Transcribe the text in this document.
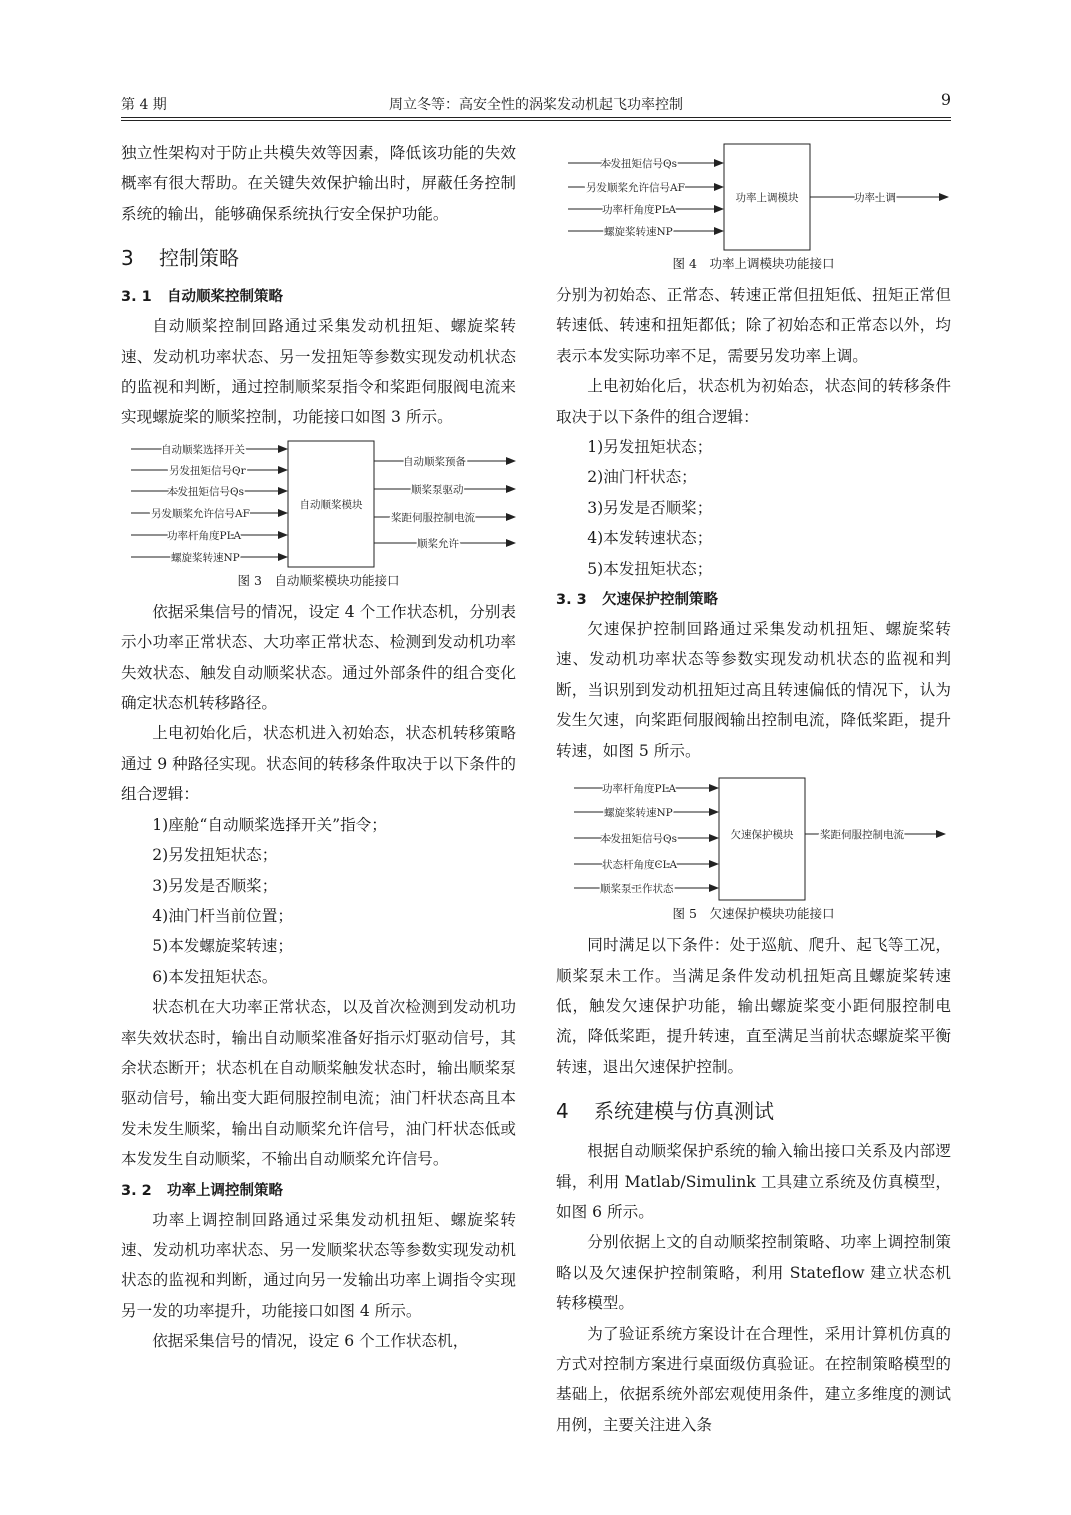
第 4 期	周立冬等：高安全性的涡桨发动机起飞功率控制	9

独立性架构对于防止共模失效等因素，降低该功能的失效概率有很大帮助。在关键失效保护输出时，屏蔽任务控制系统的输出，能够确保系统执行安全保护功能。

3 控制策略
3. 1 自动顺桨控制策略

自动顺桨控制回路通过采集发动机扭矩、螺旋桨转速、发动机功率状态、另一发扭矩等参数实现发动机状态的监视和判断，通过控制顺桨泵指令和桨距伺服阀电流来实现螺旋桨的顺桨控制，功能接口如图 3 所示。

自动顺桨模块
自动顺桨选择开关
另发扭矩信号Qr
本发扭矩信号Qs
另发顺桨允许信号AF
功率杆角度PLA
螺旋桨转速NP
自动顺桨预备
顺桨泵驱动
桨距伺服控制电流
顺桨允许
图 3　自动顺桨模块功能接口

依据采集信号的情况，设定 4 个工作状态机，分别表示小功率正常状态、大功率正常状态、检测到发动机功率失效状态、触发自动顺桨状态。通过外部条件的组合变化确定状态机转移路径。

上电初始化后，状态机进入初始态，状态机转移策略通过 9 种路径实现。状态间的转移条件取决于以下条件的组合逻辑：

1)座舱“自动顺桨选择开关”指令；

2)另发扭矩状态；

3)另发是否顺桨；

4)油门杆当前位置；

5)本发螺旋桨转速；

6)本发扭矩状态。

状态机在大功率正常状态，以及首次检测到发动机功率失效状态时，输出自动顺桨准备好指示灯驱动信号，其余状态断开；状态机在自动顺桨触发状态时，输出顺桨泵驱动信号，输出变大距伺服控制电流；油门杆状态高且本发未发生顺桨，输出自动顺桨允许信号，油门杆状态低或本发发生自动顺桨，不输出自动顺桨允许信号。

3. 2 功率上调控制策略

功率上调控制回路通过采集发动机扭矩、螺旋桨转速、发动机功率状态、另一发顺桨状态等参数实现发动机状态的监视和判断，通过向另一发输出功率上调指令实现另一发的功率提升，功能接口如图 4 所示。

依据采集信号的情况，设定 6 个工作状态机，

功率上调模块
本发扭矩信号Qs
另发顺桨允许信号AF
功率杆角度PLA
螺旋桨转速NP
功率上调
图 4　功率上调模块功能接口

分别为初始态、正常态、转速正常但扭矩低、扭矩正常但转速低、转速和扭矩都低；除了初始态和正常态以外，均表示本发实际功率不足，需要另发功率上调。

上电初始化后，状态机为初始态，状态间的转移条件取决于以下条件的组合逻辑：

1)另发扭矩状态；

2)油门杆状态；

3)另发是否顺桨；

4)本发转速状态；

5)本发扭矩状态；

3. 3 欠速保护控制策略

欠速保护控制回路通过采集发动机扭矩、螺旋桨转速、发动机功率状态等参数实现发动机状态的监视和判断，当识别到发动机扭矩过高且转速偏低的情况下，认为发生欠速，向桨距伺服阀输出控制电流，降低桨距，提升转速，如图 5 所示。

欠速保护模块
功率杆角度PLA
螺旋桨转速NP
本发扭矩信号Qs
状态杆角度CLA
顺桨泵工作状态
桨距伺服控制电流
图 5　欠速保护模块功能接口

同时满足以下条件：处于巡航、爬升、起飞等工况，顺桨泵未工作。当满足条件发动机扭矩高且螺旋桨转速低，触发欠速保护功能，输出螺旋桨变小距伺服控制电流，降低桨距，提升转速，直至满足当前状态螺旋桨平衡转速，退出欠速保护控制。

4 系统建模与仿真测试

根据自动顺桨保护系统的输入输出接口关系及内部逻辑，利用 Matlab/Simulink 工具建立系统及仿真模型，如图 6 所示。

分别依据上文的自动顺桨控制策略、功率上调控制策略以及欠速保护控制策略，利用 Stateflow 建立状态机转移模型。

为了验证系统方案设计在合理性，采用计算机仿真的方式对控制方案进行桌面级仿真验证。在控制策略模型的基础上，依据系统外部宏观使用条件，建立多维度的测试用例，主要关注进入条
